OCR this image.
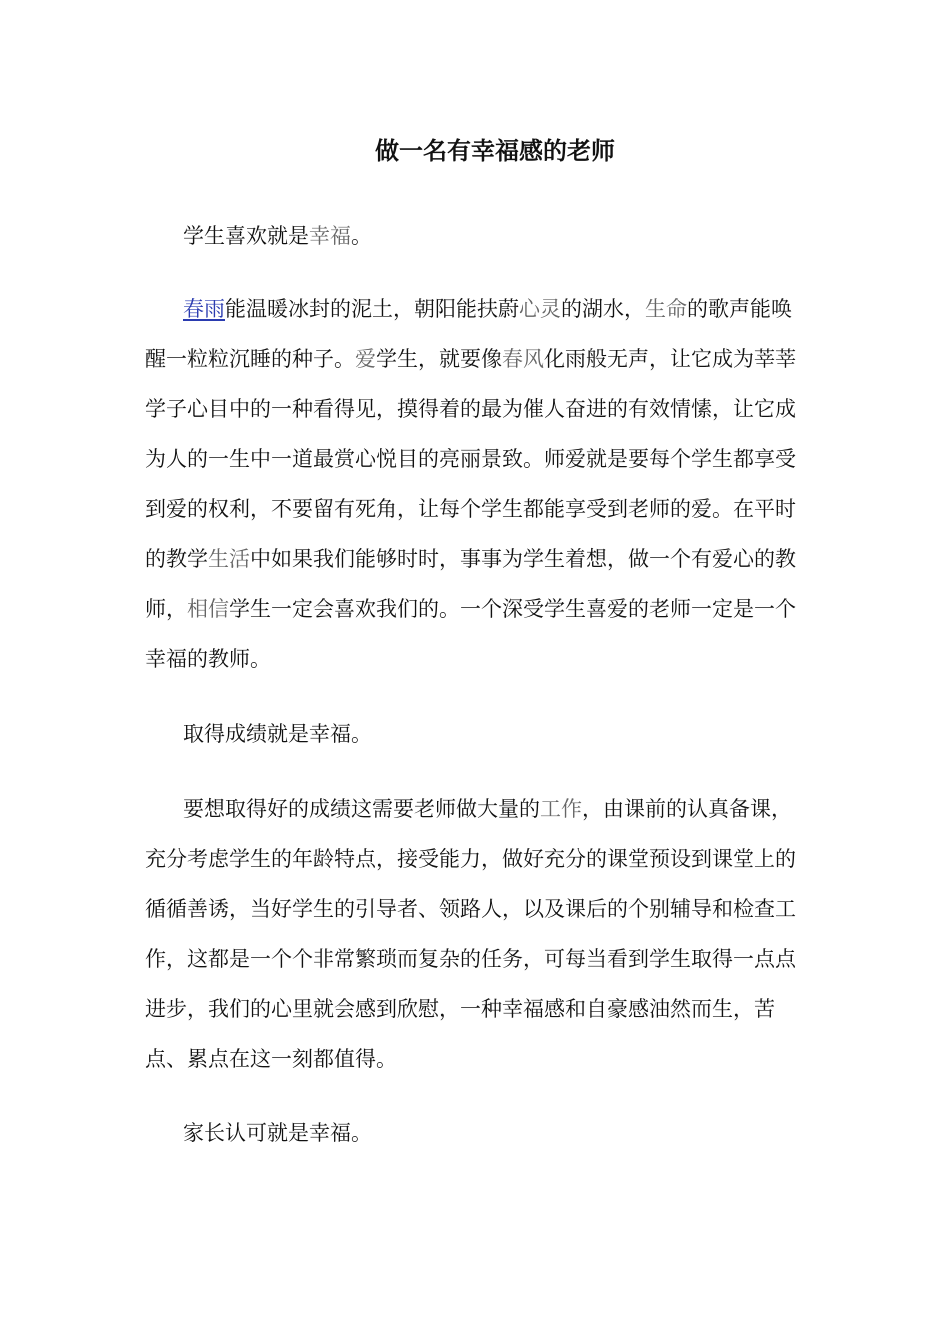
做一名有幸福感的老师

学生喜欢就是幸福。

春雨能温暖冰封的泥土，朝阳能扶蔚心灵的湖水，生命的歌声能唤醒一粒粒沉睡的种子。爱学生，就要像春风化雨般无声，让它成为莘莘学子心目中的一种看得见，摸得着的最为催人奋进的有效情愫，让它成为人的一生中一道最赏心悦目的亮丽景致。师爱就是要每个学生都享受到爱的权利，不要留有死角，让每个学生都能享受到老师的爱。在平时的教学生活中如果我们能够时时，事事为学生着想，做一个有爱心的教师，相信学生一定会喜欢我们的。一个深受学生喜爱的老师一定是一个幸福的教师。

取得成绩就是幸福。

要想取得好的成绩这需要老师做大量的工作，由课前的认真备课，充分考虑学生的年龄特点，接受能力，做好充分的课堂预设到课堂上的循循善诱，当好学生的引导者、领路人，以及课后的个别辅导和检查工作，这都是一个个非常繁琐而复杂的任务，可每当看到学生取得一点点进步，我们的心里就会感到欣慰，一种幸福感和自豪感油然而生，苦点、累点在这一刻都值得。

家长认可就是幸福。
